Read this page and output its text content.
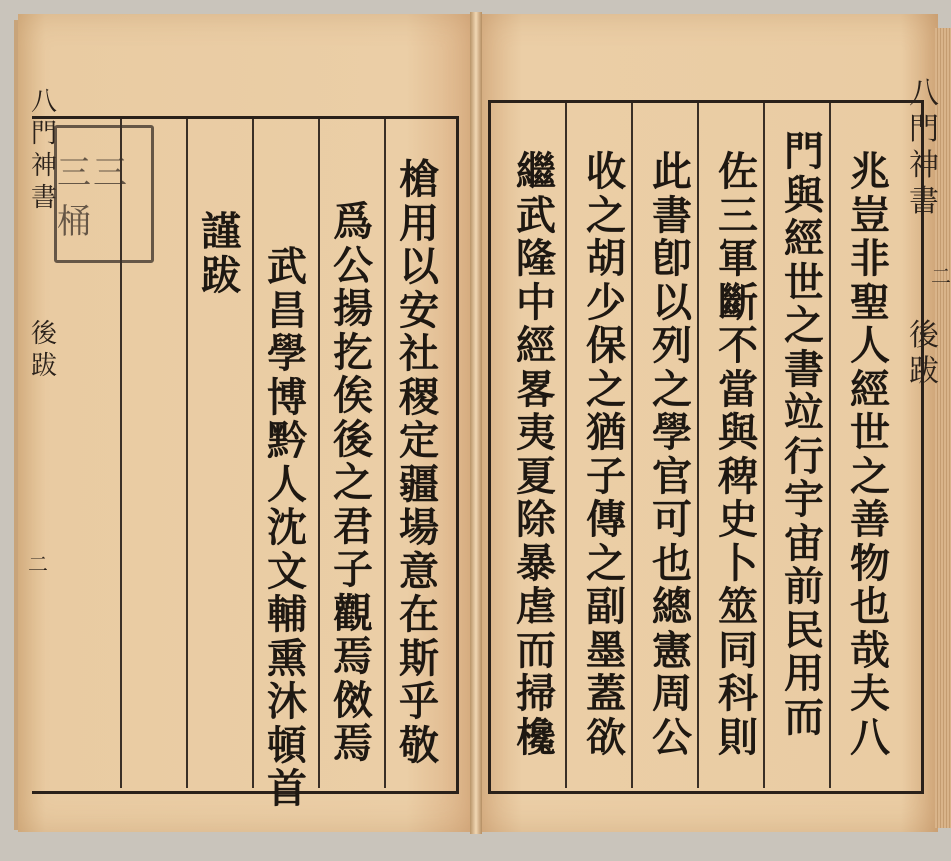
兆
豈
非
聖
人
經
世
之
善
物
也
哉
夫
八
門
與
經
世
之
書
竝
行
宇
宙
前
民
用
而
佐
三
軍
斷
不
當
與
稗
史
卜
筮
同
科
則
此
書
卽
以
列
之
學
官
可
也
總
憲
周
公
收
之
胡
少
保
之
猶
子
傳
之
副
墨
蓋
欲
繼
武
隆
中
經
畧
夷
夏
除
暴
虐
而
掃
欃
八
門
神
書
後
跋
二
槍
用
以
安
社
稷
定
疆
場
意
在
斯
乎
敬
爲
公
揚
扢
俟
後
之
君
子
觀
焉
傚
焉
武
昌
學
博
黔
人
沈
文
輔
熏
沐
頓
首
謹
跋
八
門
神
書
後
跋
二
三三桶
